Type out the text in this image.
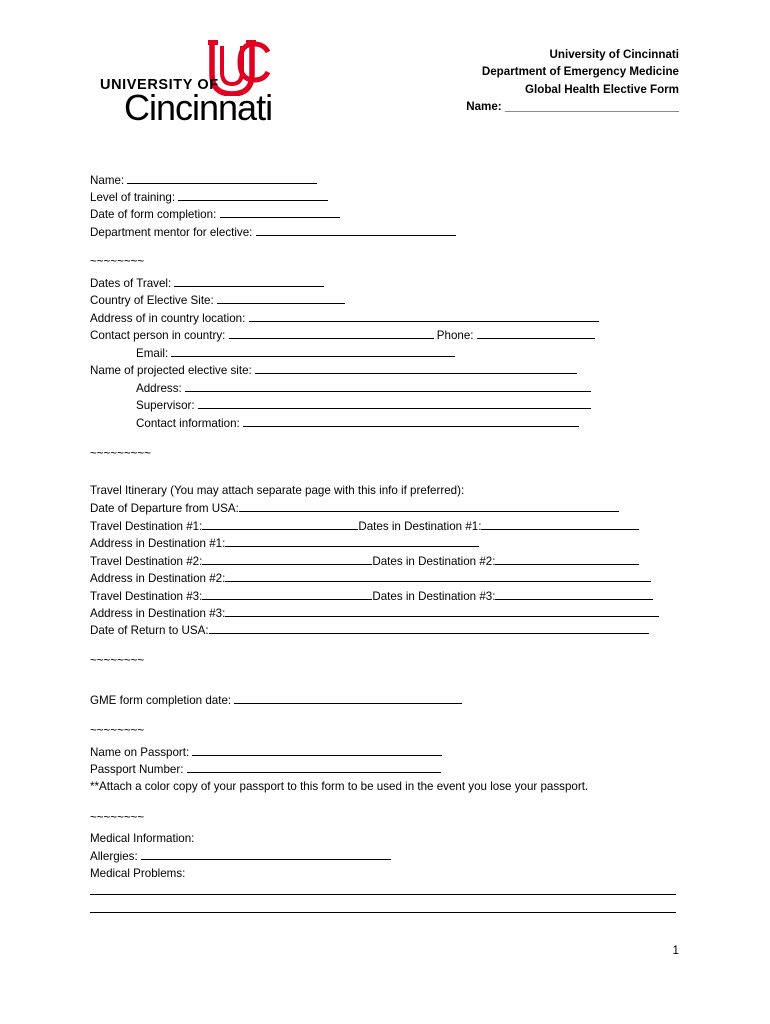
UNIVERSITY OF
Cincinnati
University of Cincinnati
Department of Emergency Medicine
Global Health Elective Form
Name: ___________________________
Name:
Level of training:
Date of form completion:
Department mentor for elective:
~~~~~~~~
Dates of Travel:
Country of Elective Site:
Address of in country location:
Contact person in country:	Phone:
Email:
Name of projected elective site:
Address:
Supervisor:
Contact information:
~~~~~~~~~
Travel Itinerary (You may attach separate page with this info if preferred):
Date of Departure from USA:
Travel Destination #1:	Dates in Destination #1:
Address in Destination #1:
Travel Destination #2:	Dates in Destination #2:
Address in Destination #2:
Travel Destination #3:	Dates in Destination #3:
Address in Destination #3:
Date of Return to USA:
~~~~~~~~
GME form completion date:
~~~~~~~~
Name on Passport:
Passport Number:
**Attach a color copy of your passport to this form to be used in the event you lose your passport.
~~~~~~~~
Medical Information:
Allergies:
Medical Problems:
1
